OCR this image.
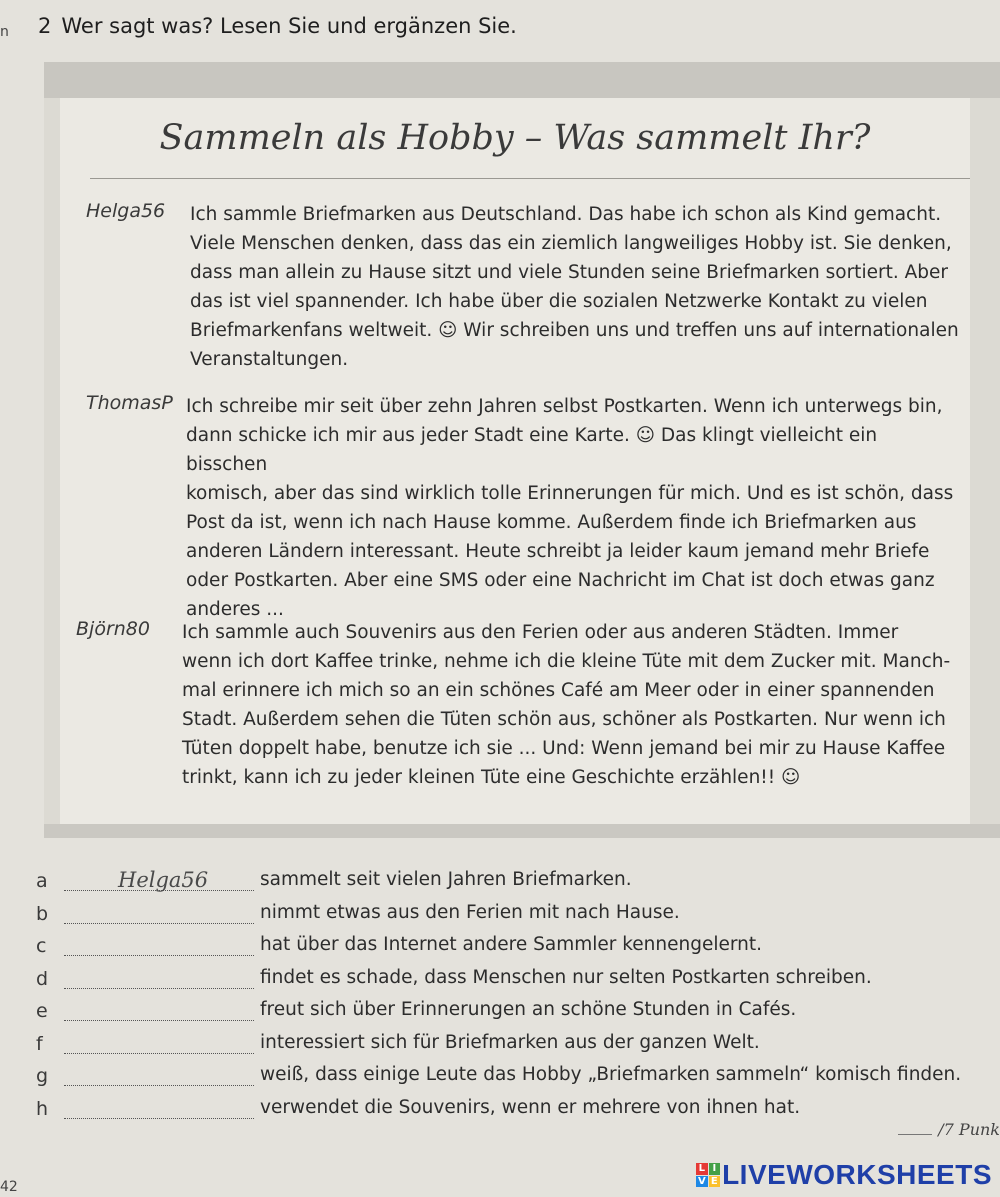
n 2 Wer sagt was? Lesen Sie und ergänzen Sie.
Sammeln als Hobby – Was sammelt Ihr?
Helga56 Ich sammle Briefmarken aus Deutschland. Das habe ich schon als Kind gemacht.
Viele Menschen denken, dass das ein ziemlich langweiliges Hobby ist. Sie denken,
dass man allein zu Hause sitzt und viele Stunden seine Briefmarken sortiert. Aber
das ist viel spannender. Ich habe über die sozialen Netzwerke Kontakt zu vielen
Briefmarkenfans weltweit. ☺ Wir schreiben uns und treffen uns auf internationalen
Veranstaltungen.
ThomasP Ich schreibe mir seit über zehn Jahren selbst Postkarten. Wenn ich unterwegs bin,
dann schicke ich mir aus jeder Stadt eine Karte. ☺ Das klingt vielleicht ein bisschen
komisch, aber das sind wirklich tolle Erinnerungen für mich. Und es ist schön, dass
Post da ist, wenn ich nach Hause komme. Außerdem finde ich Briefmarken aus
anderen Ländern interessant. Heute schreibt ja leider kaum jemand mehr Briefe
oder Postkarten. Aber eine SMS oder eine Nachricht im Chat ist doch etwas ganz
anderes ...
Björn80 Ich sammle auch Souvenirs aus den Ferien oder aus anderen Städten. Immer
wenn ich dort Kaffee trinke, nehme ich die kleine Tüte mit dem Zucker mit. Manch-
mal erinnere ich mich so an ein schönes Café am Meer oder in einer spannenden
Stadt. Außerdem sehen die Tüten schön aus, schöner als Postkarten. Nur wenn ich
Tüten doppelt habe, benutze ich sie ... Und: Wenn jemand bei mir zu Hause Kaffee
trinkt, kann ich zu jeder kleinen Tüte eine Geschichte erzählen!! ☺
a	Helga56	sammelt seit vielen Jahren Briefmarken.
b	nimmt etwas aus den Ferien mit nach Hause.
c	hat über das Internet andere Sammler kennengelernt.
d	findet es schade, dass Menschen nur selten Postkarten schreiben.
e	freut sich über Erinnerungen an schöne Stunden in Cafés.
f	interessiert sich für Briefmarken aus der ganzen Welt.
g	weiß, dass einige Leute das Hobby „Briefmarken sammeln“ komisch finden.
h	verwendet die Souvenirs, wenn er mehrere von ihnen hat.
/7 Punk
42
L I
V E LIVEWORKSHEETS
